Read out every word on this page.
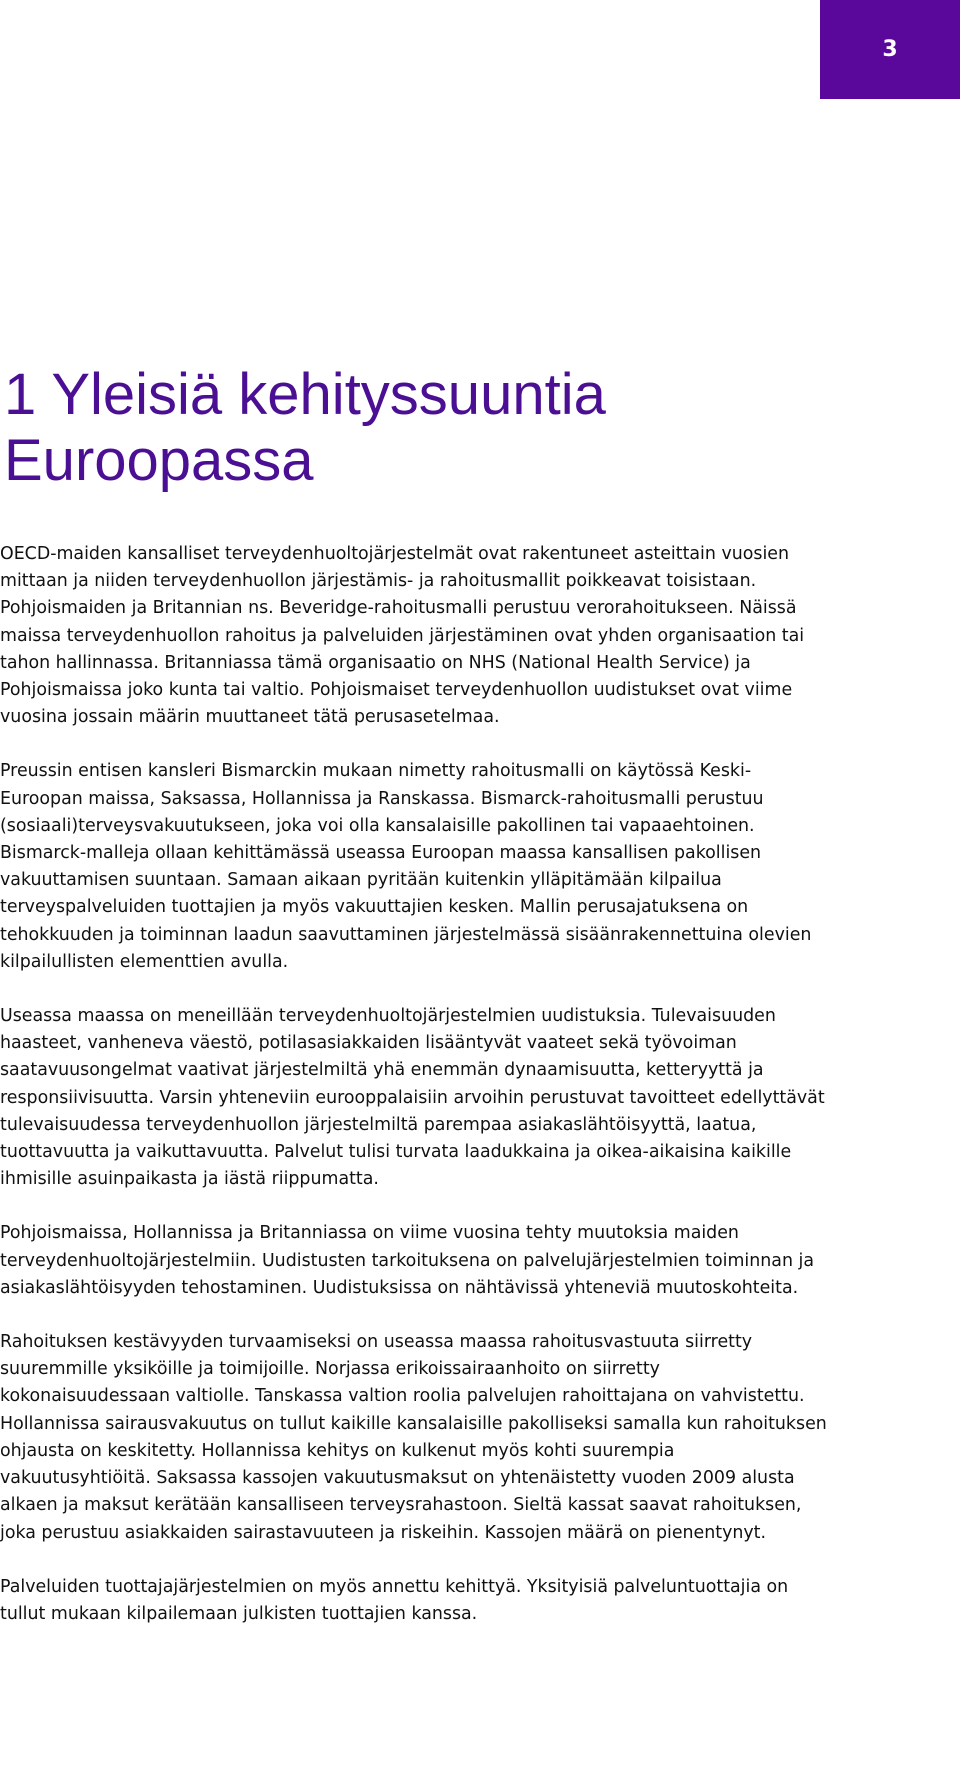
3
1 Yleisiä kehityssuuntia
Euroopassa

OECD-maiden kansalliset terveydenhuoltojärjestelmät ovat rakentuneet asteittain vuosien mittaan ja niiden terveydenhuollon järjestämis- ja rahoitusmallit poikkeavat toisistaan. Pohjoismaiden ja Britannian ns. Beveridge-rahoitusmalli perustuu verorahoitukseen. Näissä maissa terveydenhuollon rahoitus ja palveluiden järjestäminen ovat yhden organisaation tai tahon hallinnassa. Britanniassa tämä organisaatio on NHS (National Health Service) ja Pohjoismaissa joko kunta tai valtio. Pohjoismaiset terveydenhuollon uudistukset ovat viime vuosina jossain määrin muuttaneet tätä perusasetelmaa.

Preussin entisen kansleri Bismarckin mukaan nimetty rahoitusmalli on käytössä Keski-Euroopan maissa, Saksassa, Hollannissa ja Ranskassa. Bismarck-rahoitusmalli perustuu (sosiaali)terveysvakuutukseen, joka voi olla kansalaisille pakollinen tai vapaaehtoinen. Bismarck-malleja ollaan kehittämässä useassa Euroopan maassa kansallisen pakollisen vakuuttamisen suuntaan. Samaan aikaan pyritään kuitenkin ylläpitämään kilpailua terveyspalveluiden tuottajien ja myös vakuuttajien kesken. Mallin perusajatuksena on tehokkuuden ja toiminnan laadun saavuttaminen järjestelmässä sisäänrakennettuina olevien kilpailullisten elementtien avulla.

Useassa maassa on meneillään terveydenhuoltojärjestelmien uudistuksia. Tulevaisuuden haasteet, vanheneva väestö, potilasasiakkaiden lisääntyvät vaateet sekä työvoiman saatavuusongelmat vaativat järjestelmiltä yhä enemmän dynaamisuutta, ketteryyttä ja responsiivisuutta. Varsin yhteneviin eurooppalaisiin arvoihin perustuvat tavoitteet edellyttävät tulevaisuudessa terveydenhuollon järjestelmiltä parempaa asiakaslähtöisyyttä, laatua, tuottavuutta ja vaikuttavuutta. Palvelut tulisi turvata laadukkaina ja oikea-aikaisina kaikille ihmisille asuinpaikasta ja iästä riippumatta.

Pohjoismaissa, Hollannissa ja Britanniassa on viime vuosina tehty muutoksia maiden terveydenhuoltojärjestelmiin. Uudistusten tarkoituksena on palvelujärjestelmien toiminnan ja asiakaslähtöisyyden tehostaminen. Uudistuksissa on nähtävissä yhteneviä muutoskohteita.

Rahoituksen kestävyyden turvaamiseksi on useassa maassa rahoitusvastuuta siirretty suuremmille yksiköille ja toimijoille. Norjassa erikoissairaanhoito on siirretty kokonaisuudessaan valtiolle. Tanskassa valtion roolia palvelujen rahoittajana on vahvistettu. Hollannissa sairausvakuutus on tullut kaikille kansalaisille pakolliseksi samalla kun rahoituksen ohjausta on keskitetty. Hollannissa kehitys on kulkenut myös kohti suurempia vakuutusyhtiöitä. Saksassa kassojen vakuutusmaksut on yhtenäistetty vuoden 2009 alusta alkaen ja maksut kerätään kansalliseen terveysrahastoon. Sieltä kassat saavat rahoituksen, joka perustuu asiakkaiden sairastavuuteen ja riskeihin. Kassojen määrä on pienentynyt.

Palveluiden tuottajajärjestelmien on myös annettu kehittyä. Yksityisiä palveluntuottajia on tullut mukaan kilpailemaan julkisten tuottajien kanssa.
